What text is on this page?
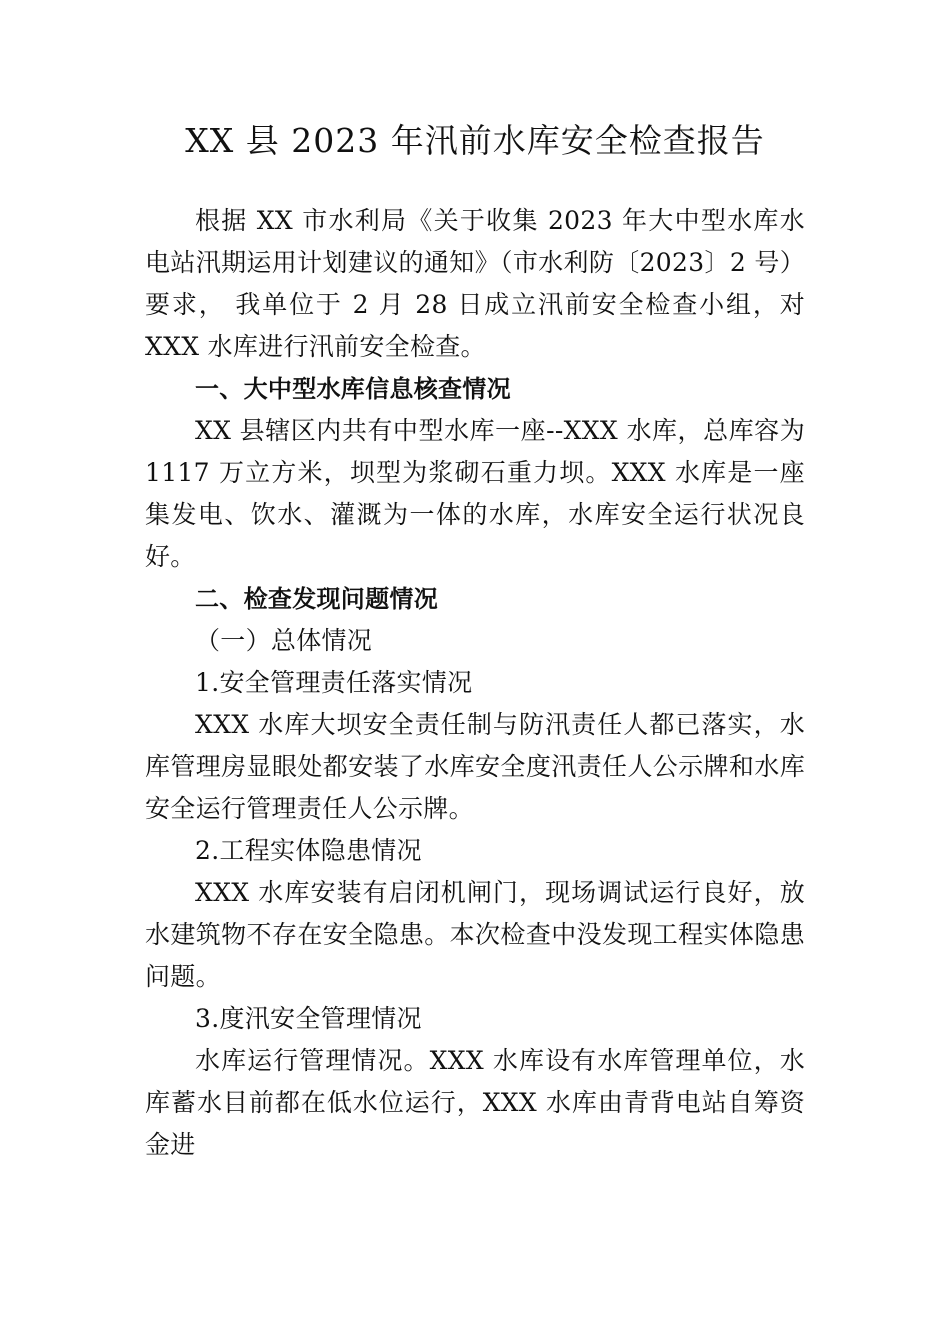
XX 县 2023 年汛前水库安全检查报告

根据 XX 市水利局《关于收集 2023 年大中型水库水电站汛期运用计划建议的通知》（市水利防〔2023〕2 号）要求， 我单位于 2 月 28 日成立汛前安全检查小组，对 XXX 水库进行汛前安全检查。

一、大中型水库信息核查情况

XX 县辖区内共有中型水库一座--XXX 水库，总库容为 1117 万立方米，坝型为浆砌石重力坝。XXX 水库是一座集发电、饮水、灌溉为一体的水库，水库安全运行状况良好。

二、检查发现问题情况

（一）总体情况

1.安全管理责任落实情况

XXX 水库大坝安全责任制与防汛责任人都已落实，水库管理房显眼处都安装了水库安全度汛责任人公示牌和水库安全运行管理责任人公示牌。

2.工程实体隐患情况

XXX 水库安装有启闭机闸门，现场调试运行良好，放水建筑物不存在安全隐患。本次检查中没发现工程实体隐患问题。

3.度汛安全管理情况

水库运行管理情况。XXX 水库设有水库管理单位，水库蓄水目前都在低水位运行，XXX 水库由青背电站自筹资金进
